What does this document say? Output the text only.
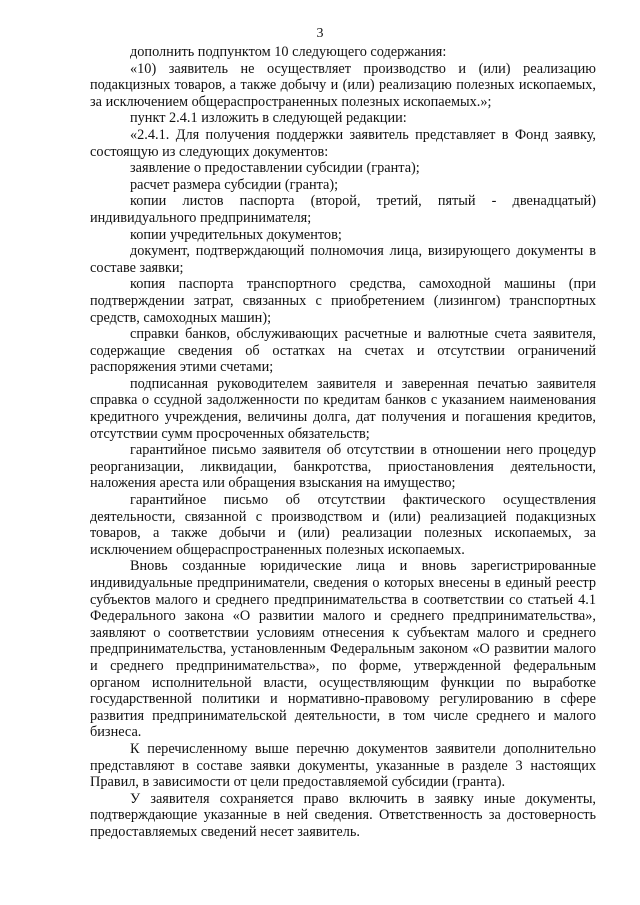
3

дополнить подпунктом 10 следующего содержания:

«10) заявитель не осуществляет производство и (или) реализацию подакцизных товаров, а также добычу и (или) реализацию полезных ископаемых, за исключением общераспространенных полезных ископаемых.»;

пункт 2.4.1 изложить в следующей редакции:

«2.4.1. Для получения поддержки заявитель представляет в Фонд заявку, состоящую из следующих документов:

заявление о предоставлении субсидии (гранта);

расчет размера субсидии (гранта);

копии листов паспорта (второй, третий, пятый - двенадцатый) индивидуального предпринимателя;

копии учредительных документов;

документ, подтверждающий полномочия лица, визирующего документы в составе заявки;

копия паспорта транспортного средства, самоходной машины (при подтверждении затрат, связанных с приобретением (лизингом) транспортных средств, самоходных машин);

справки банков, обслуживающих расчетные и валютные счета заявителя, содержащие сведения об остатках на счетах и отсутствии ограничений распоряжения этими счетами;

подписанная руководителем заявителя и заверенная печатью заявителя справка о ссудной задолженности по кредитам банков с указанием наименования кредитного учреждения, величины долга, дат получения и погашения кредитов, отсутствии сумм просроченных обязательств;

гарантийное письмо заявителя об отсутствии в отношении него процедур реорганизации, ликвидации, банкротства, приостановления деятельности, наложения ареста или обращения взыскания на имущество;

гарантийное письмо об отсутствии фактического осуществления деятельности, связанной с производством и (или) реализацией подакцизных товаров, а также добычи и (или) реализации полезных ископаемых, за исключением общераспространенных полезных ископаемых.

Вновь созданные юридические лица и вновь зарегистрированные индивидуальные предприниматели, сведения о которых внесены в единый реестр субъектов малого и среднего предпринимательства в соответствии со статьей 4.1 Федерального закона «О развитии малого и среднего предпринимательства», заявляют о соответствии условиям отнесения к субъектам малого и среднего предпринимательства, установленным Федеральным законом «О развитии малого и среднего предпринимательства», по форме, утвержденной федеральным органом исполнительной власти, осуществляющим функции по выработке государственной политики и нормативно-правовому регулированию в сфере развития предпринимательской деятельности, в том числе среднего и малого бизнеса.

К перечисленному выше перечню документов заявители дополнительно представляют в составе заявки документы, указанные в разделе 3 настоящих Правил, в зависимости от цели предоставляемой субсидии (гранта).

У заявителя сохраняется право включить в заявку иные документы, подтверждающие указанные в ней сведения. Ответственность за достоверность предоставляемых сведений несет заявитель.
